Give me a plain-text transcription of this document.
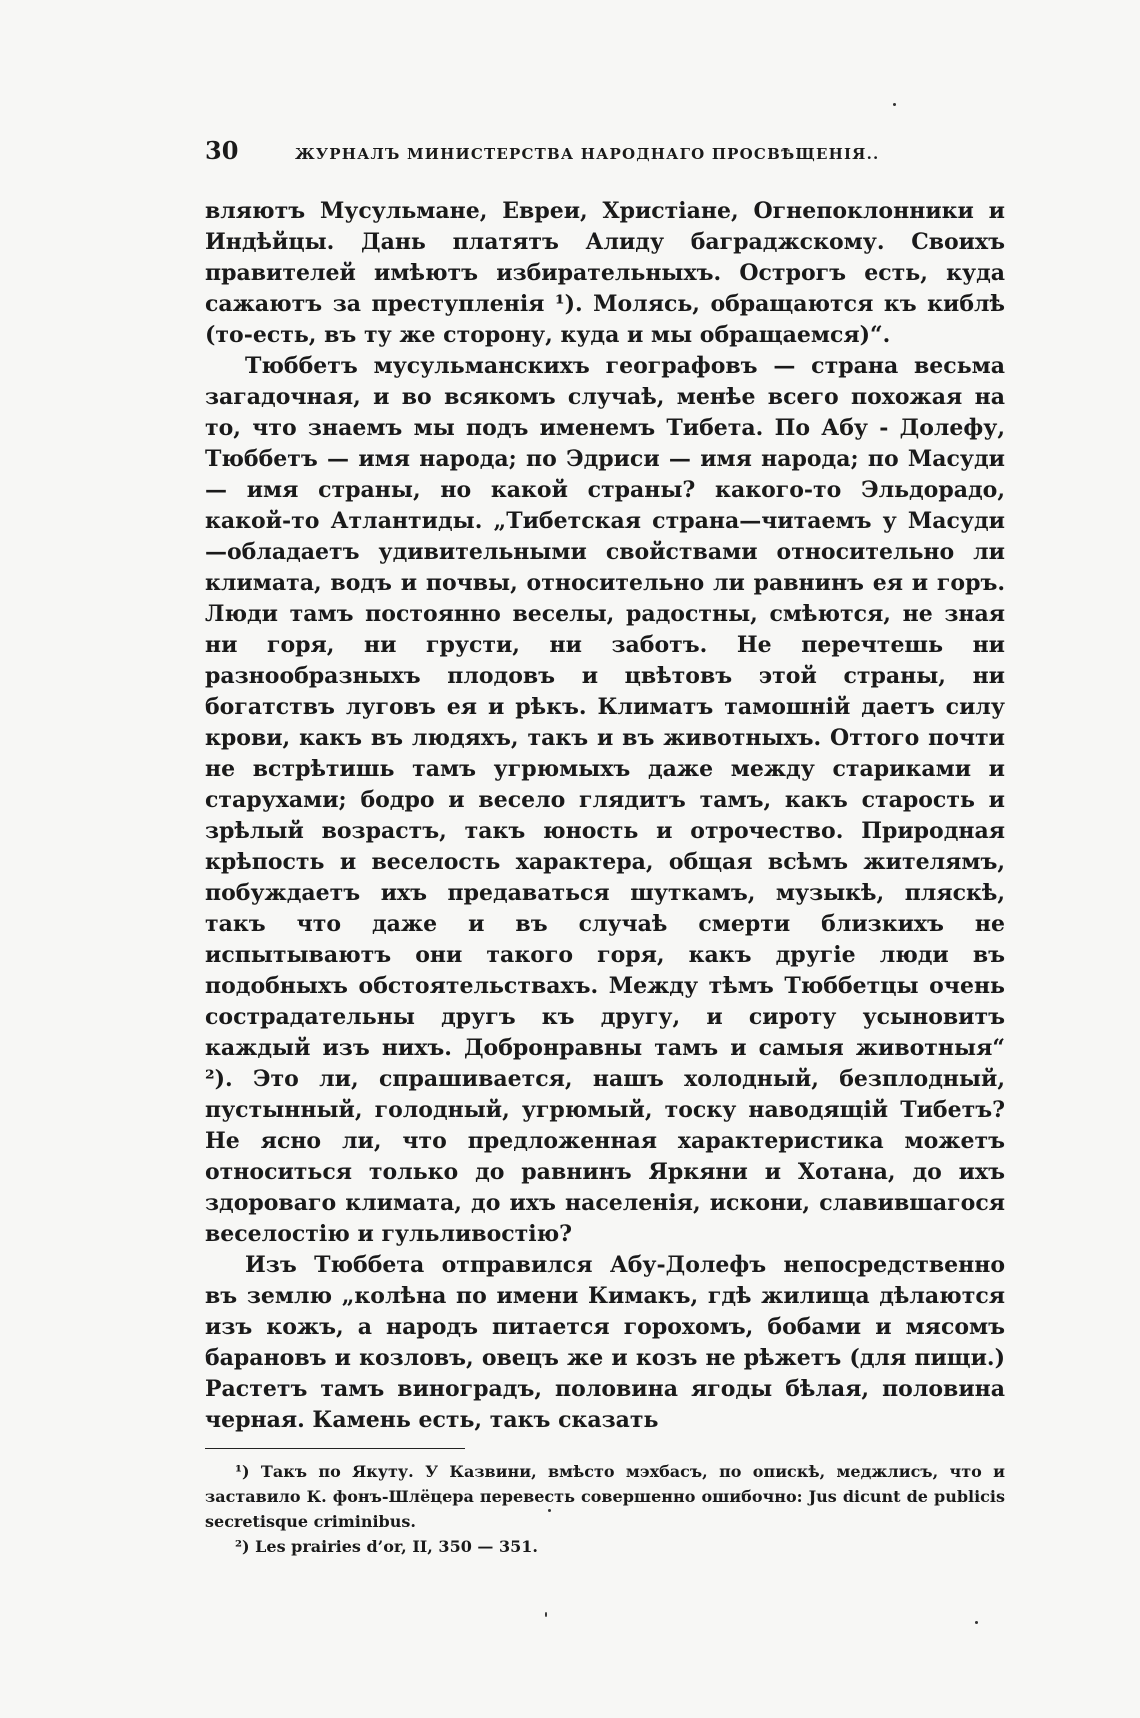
30	ЖУРНАЛЪ МИНИСТЕРСТВА НАРОДНАГО ПРОСВѢЩЕНІЯ..

вляютъ Мусульмане, Евреи, Христіане, Огнепоклонники и Индѣйцы. Дань платятъ Алиду баграджскому. Своихъ правителей имѣютъ избирательныхъ. Острогъ есть, куда сажаютъ за преступленія ¹). Молясь, обращаются къ киблѣ (то-есть, въ ту же сторону, куда и мы обращаемся)“.

Тюббетъ мусульманскихъ географовъ — страна весьма загадочная, и во всякомъ случаѣ, менѣе всего похожая на то, что знаемъ мы подъ именемъ Тибета. По Абу - Долефу, Тюббетъ — имя народа; по Эдриси — имя народа; по Масуди — имя страны, но какой страны? какого-то Эльдорадо, какой-то Атлантиды. „Тибетская страна—читаемъ у Масуди—обладаетъ удивительными свойствами относительно ли климата, водъ и почвы, относительно ли равнинъ ея и горъ. Люди тамъ постоянно веселы, радостны, смѣются, не зная ни горя, ни грусти, ни заботъ. Не перечтешь ни разнообразныхъ плодовъ и цвѣтовъ этой страны, ни богатствъ луговъ ея и рѣкъ. Климатъ тамошній даетъ силу крови, какъ въ людяхъ, такъ и въ животныхъ. Оттого почти не встрѣтишь тамъ угрюмыхъ даже между стариками и старухами; бодро и весело глядитъ тамъ, какъ старость и зрѣлый возрастъ, такъ юность и отрочество. Природная крѣпость и веселость характера, общая всѣмъ жителямъ, побуждаетъ ихъ предаваться шуткамъ, музыкѣ, пляскѣ, такъ что даже и въ случаѣ смерти близкихъ не испытываютъ они такого горя, какъ другіе люди въ подобныхъ обстоятельствахъ. Между тѣмъ Тюббетцы очень сострадательны другъ къ другу, и сироту усыновитъ каждый изъ нихъ. Добронравны тамъ и самыя животныя“ ²). Это ли, спрашивается, нашъ холодный, безплодный, пустынный, голодный, угрюмый, тоску наводящій Тибетъ? Не ясно ли, что предложенная характеристика можетъ относиться только до равнинъ Яркяни и Хотана, до ихъ здороваго климата, до ихъ населенія, искони, славившагося веселостію и гульливостію?

Изъ Тюббета отправился Абу-Долефъ непосредственно въ землю „колѣна по имени Кимакъ, гдѣ жилища дѣлаются изъ кожъ, а народъ питается горохомъ, бобами и мясомъ барановъ и козловъ, овецъ же и козъ не рѣжетъ (для пищи.) Растетъ тамъ виноградъ, половина ягоды бѣлая, половина черная. Камень есть, такъ сказать

¹) Такъ по Якуту. У Казвини, вмѣсто мэхбасъ, по опискѣ, меджлисъ, что и заставило К. фонъ-Шлёцера перевесть совершенно ошибочно: Jus dicunt de publicis secretisque criminibus.

²) Les prairies d’or, II, 350 — 351.
